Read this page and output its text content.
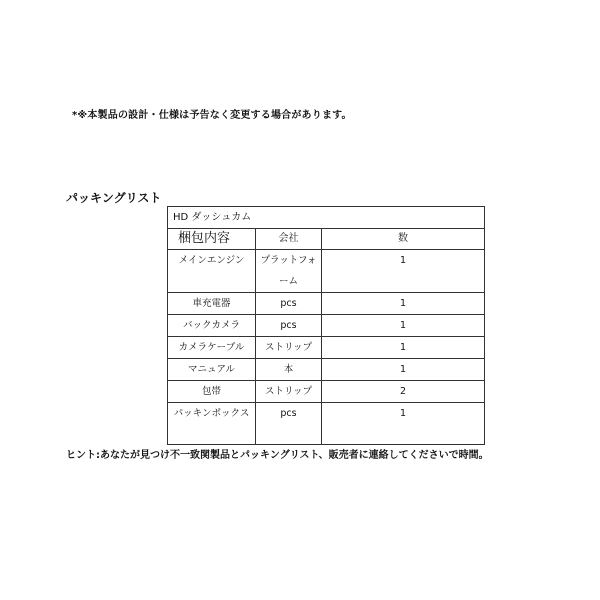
*※本製品の設計・仕様は予告なく変更する場合があります。
パッキングリスト
HD ダッシュカム		
梱包内容	会社	数
メインエンジン	プラットフォーム	1
車充電器	pcs	1
バックカメラ	pcs	1
カメラケーブル	ストリップ	1
マニュアル	本	1
包帯	ストリップ	2
パッキンボックス	pcs	1
ヒント:あなたが見つけ不一致関製品とパッキングリスト、販売者に連絡してくださいで時間。
